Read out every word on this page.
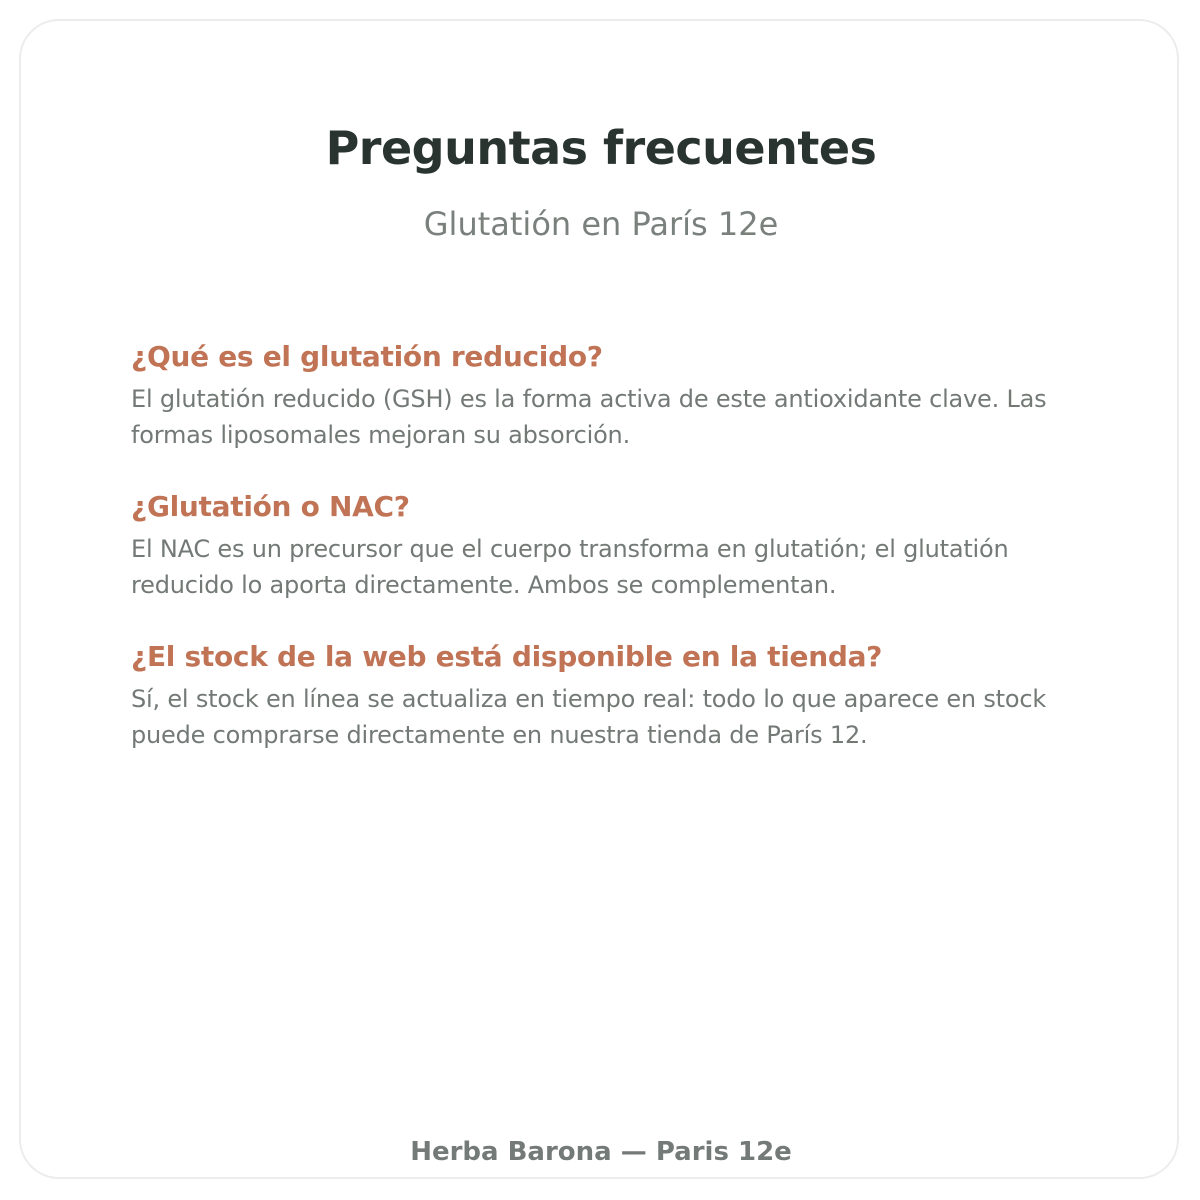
Preguntas frecuentes

Glutatión en París 12e

¿Qué es el glutatión reducido?

El glutatión reducido (GSH) es la forma activa de este antioxidante clave. Las formas liposomales mejoran su absorción.

¿Glutatión o NAC?

El NAC es un precursor que el cuerpo transforma en glutatión; el glutatión reducido lo aporta directamente. Ambos se complementan.

¿El stock de la web está disponible en la tienda?

Sí, el stock en línea se actualiza en tiempo real: todo lo que aparece en stock puede comprarse directamente en nuestra tienda de París 12.

Herba Barona — Paris 12e
